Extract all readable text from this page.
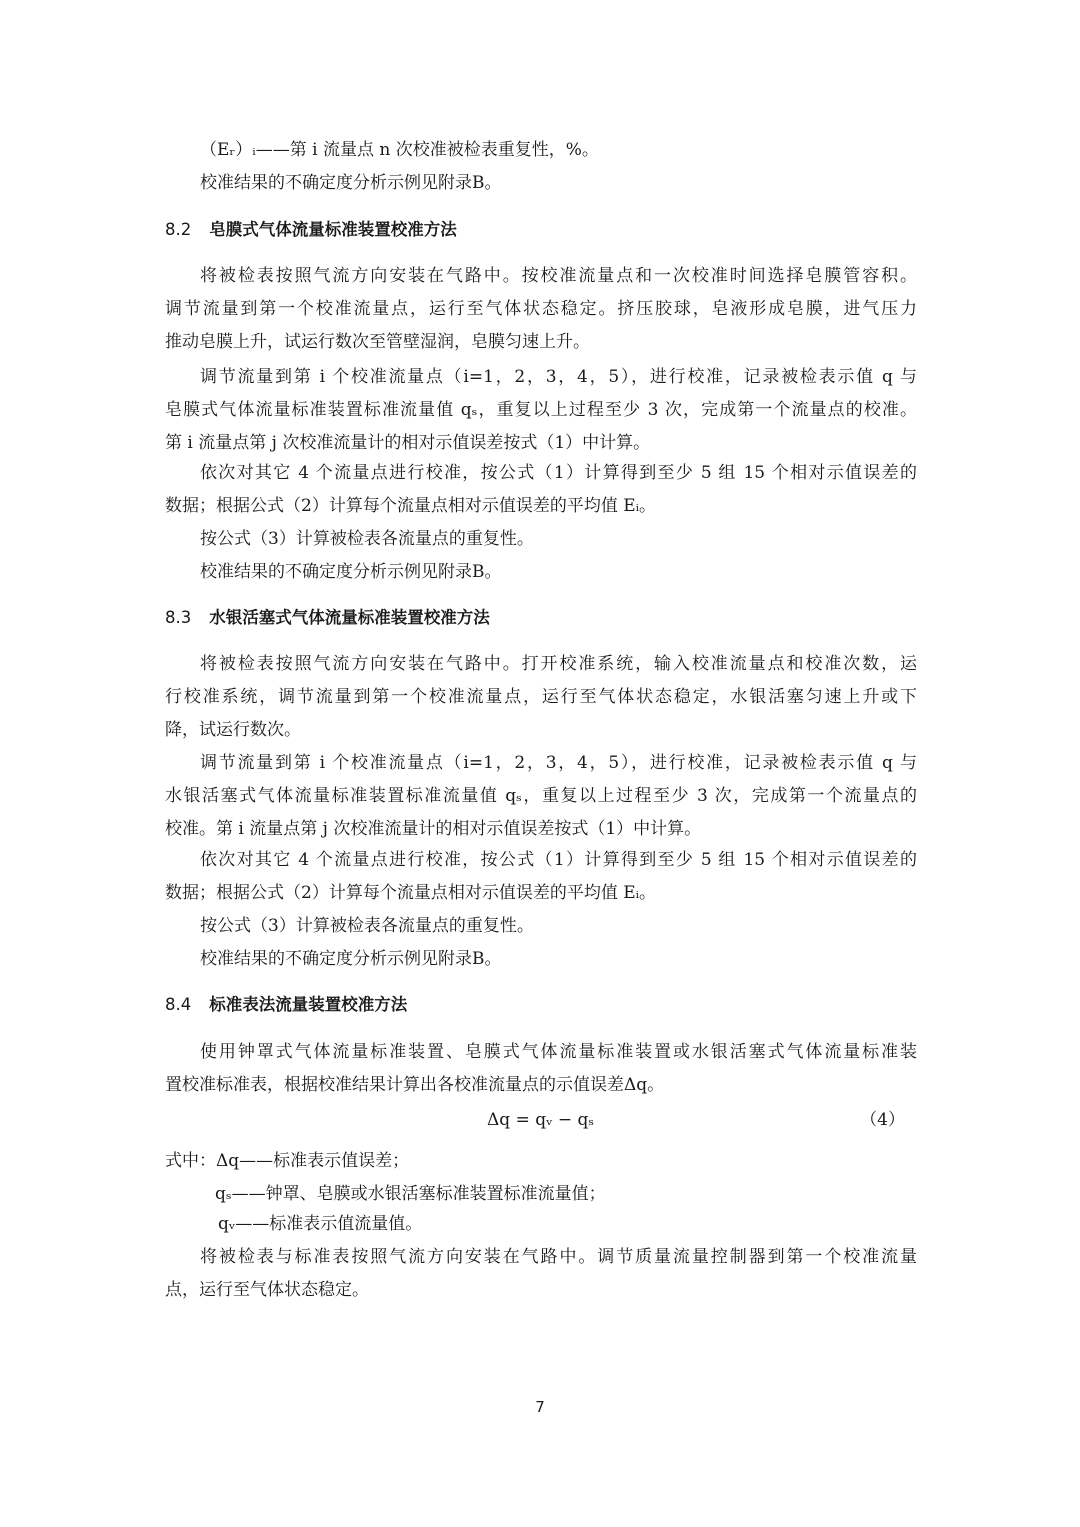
（Eᵣ）ᵢ——第 i 流量点 n 次校准被检表重复性，%。
校准结果的不确定度分析示例见附录B。
8.2 皂膜式气体流量标准装置校准方法
将被检表按照气流方向安装在气路中。按校准流量点和一次校准时间选择皂膜管容积。
调节流量到第一个校准流量点，运行至气体状态稳定。挤压胶球，皂液形成皂膜，进气压力
推动皂膜上升，试运行数次至管壁湿润，皂膜匀速上升。
调节流量到第 i 个校准流量点（i=1，2，3，4，5），进行校准，记录被检表示值 q 与
皂膜式气体流量标准装置标准流量值 qₛ，重复以上过程至少 3 次，完成第一个流量点的校准。
第 i 流量点第 j 次校准流量计的相对示值误差按式（1）中计算。
依次对其它 4 个流量点进行校准，按公式（1）计算得到至少 5 组 15 个相对示值误差的
数据；根据公式（2）计算每个流量点相对示值误差的平均值 Eᵢ。
按公式（3）计算被检表各流量点的重复性。
校准结果的不确定度分析示例见附录B。
8.3 水银活塞式气体流量标准装置校准方法
将被检表按照气流方向安装在气路中。打开校准系统，输入校准流量点和校准次数，运
行校准系统，调节流量到第一个校准流量点，运行至气体状态稳定，水银活塞匀速上升或下
降，试运行数次。
调节流量到第 i 个校准流量点（i=1，2，3，4，5），进行校准，记录被检表示值 q 与
水银活塞式气体流量标准装置标准流量值 qₛ，重复以上过程至少 3 次，完成第一个流量点的
校准。第 i 流量点第 j 次校准流量计的相对示值误差按式（1）中计算。
依次对其它 4 个流量点进行校准，按公式（1）计算得到至少 5 组 15 个相对示值误差的
数据；根据公式（2）计算每个流量点相对示值误差的平均值 Eᵢ。
按公式（3）计算被检表各流量点的重复性。
校准结果的不确定度分析示例见附录B。
8.4 标准表法流量装置校准方法
使用钟罩式气体流量标准装置、皂膜式气体流量标准装置或水银活塞式气体流量标准装
置校准标准表，根据校准结果计算出各校准流量点的示值误差Δq。
Δq = qᵥ − qₛ	（4）
式中：Δq——标准表示值误差；
qₛ——钟罩、皂膜或水银活塞标准装置标准流量值；
qᵥ——标准表示值流量值。
将被检表与标准表按照气流方向安装在气路中。调节质量流量控制器到第一个校准流量
点，运行至气体状态稳定。
7
